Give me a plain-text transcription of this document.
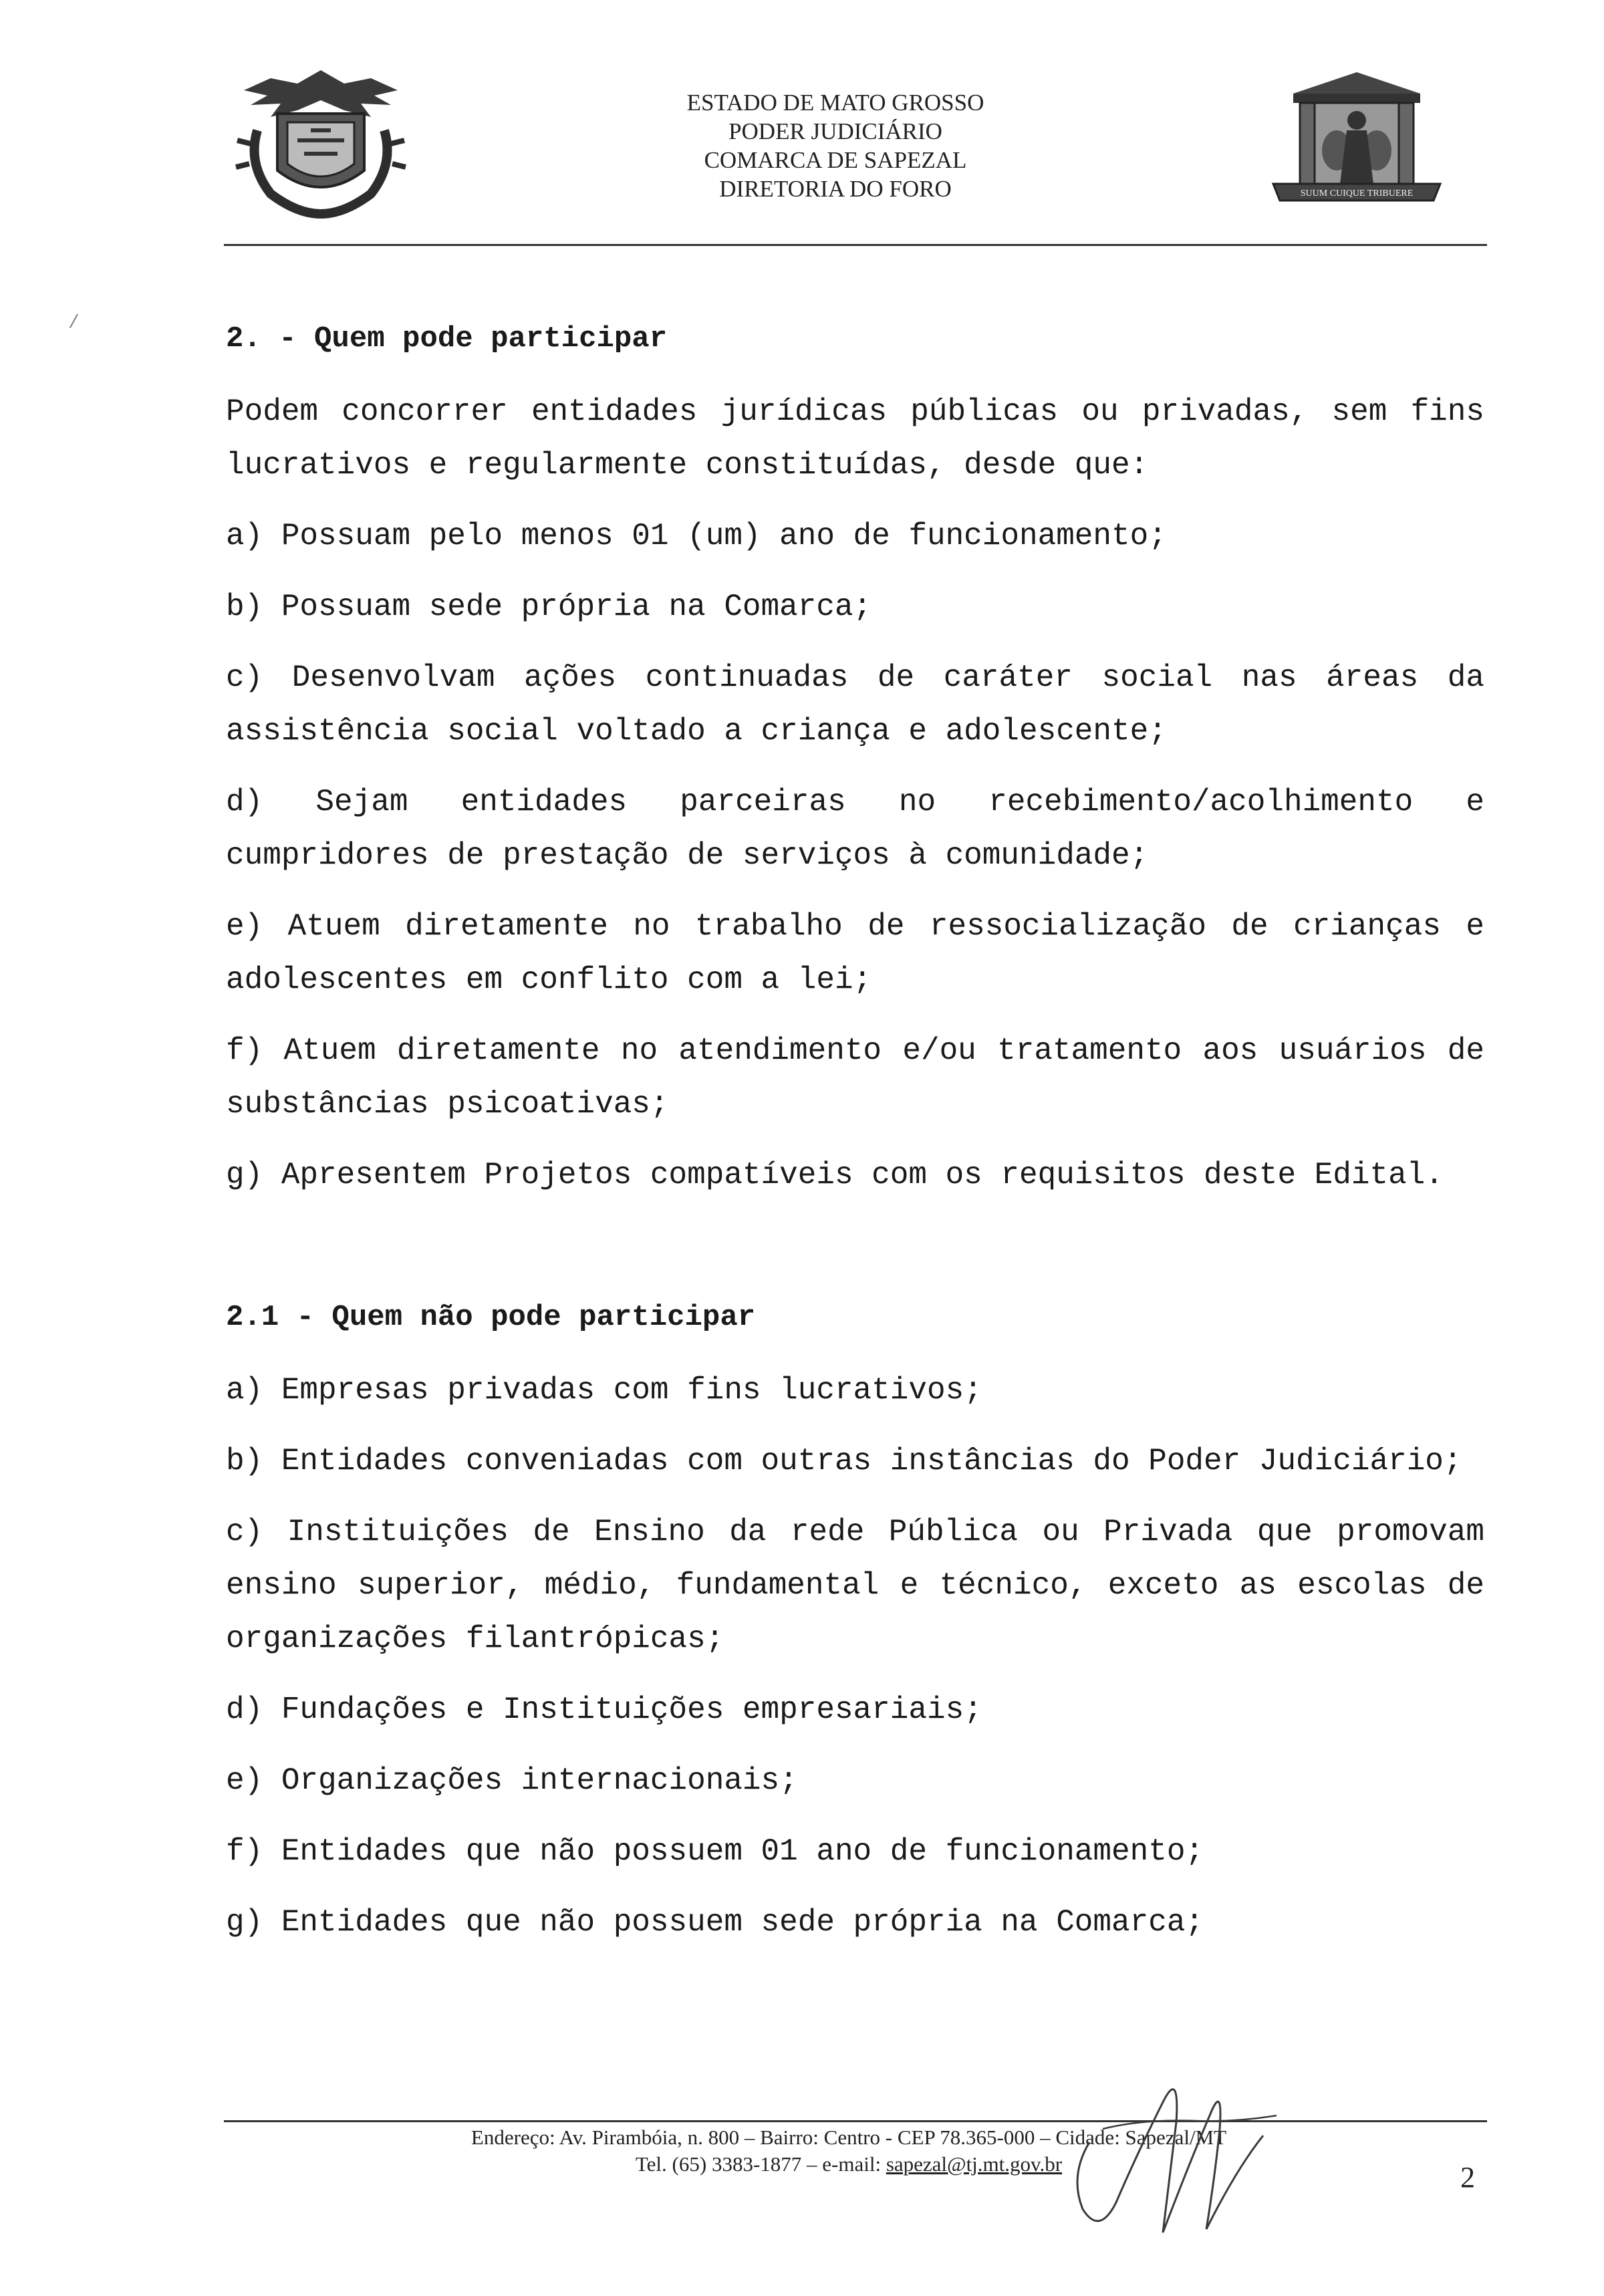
ESTADO DE MATO GROSSO
PODER JUDICIÁRIO
COMARCA DE SAPEZAL
DIRETORIA DO FORO	SUUM CUIQUE TRIBUERE
/	2. - Quem pode participar
Podem concorrer entidades jurídicas públicas ou privadas, sem fins lucrativos e regularmente constituídas, desde que:
a) Possuam pelo menos 01 (um) ano de funcionamento;
b) Possuam sede própria na Comarca;
c) Desenvolvam ações continuadas de caráter social nas áreas da assistência social voltado a criança e adolescente;
d) Sejam entidades parceiras no recebimento/acolhimento e cumpridores de prestação de serviços à comunidade;
e) Atuem diretamente no trabalho de ressocialização de crianças e adolescentes em conflito com a lei;
f) Atuem diretamente no atendimento e/ou tratamento aos usuários de substâncias psicoativas;
g) Apresentem Projetos compatíveis com os requisitos deste Edital.
2.1 - Quem não pode participar
a) Empresas privadas com fins lucrativos;
b) Entidades conveniadas com outras instâncias do Poder Judiciário;
c) Instituições de Ensino da rede Pública ou Privada que promovam ensino superior, médio, fundamental e técnico, exceto as escolas de organizações filantrópicas;
d) Fundações e Instituições empresariais;
e) Organizações internacionais;
f) Entidades que não possuem 01 ano de funcionamento;
g) Entidades que não possuem sede própria na Comarca;
Endereço: Av. Pirambóia, n. 800 – Bairro: Centro - CEP 78.365-000 – Cidade: Sapezal/MT
Tel. (65) 3383-1877 – e-mail: sapezal@tj.mt.gov.br	2
